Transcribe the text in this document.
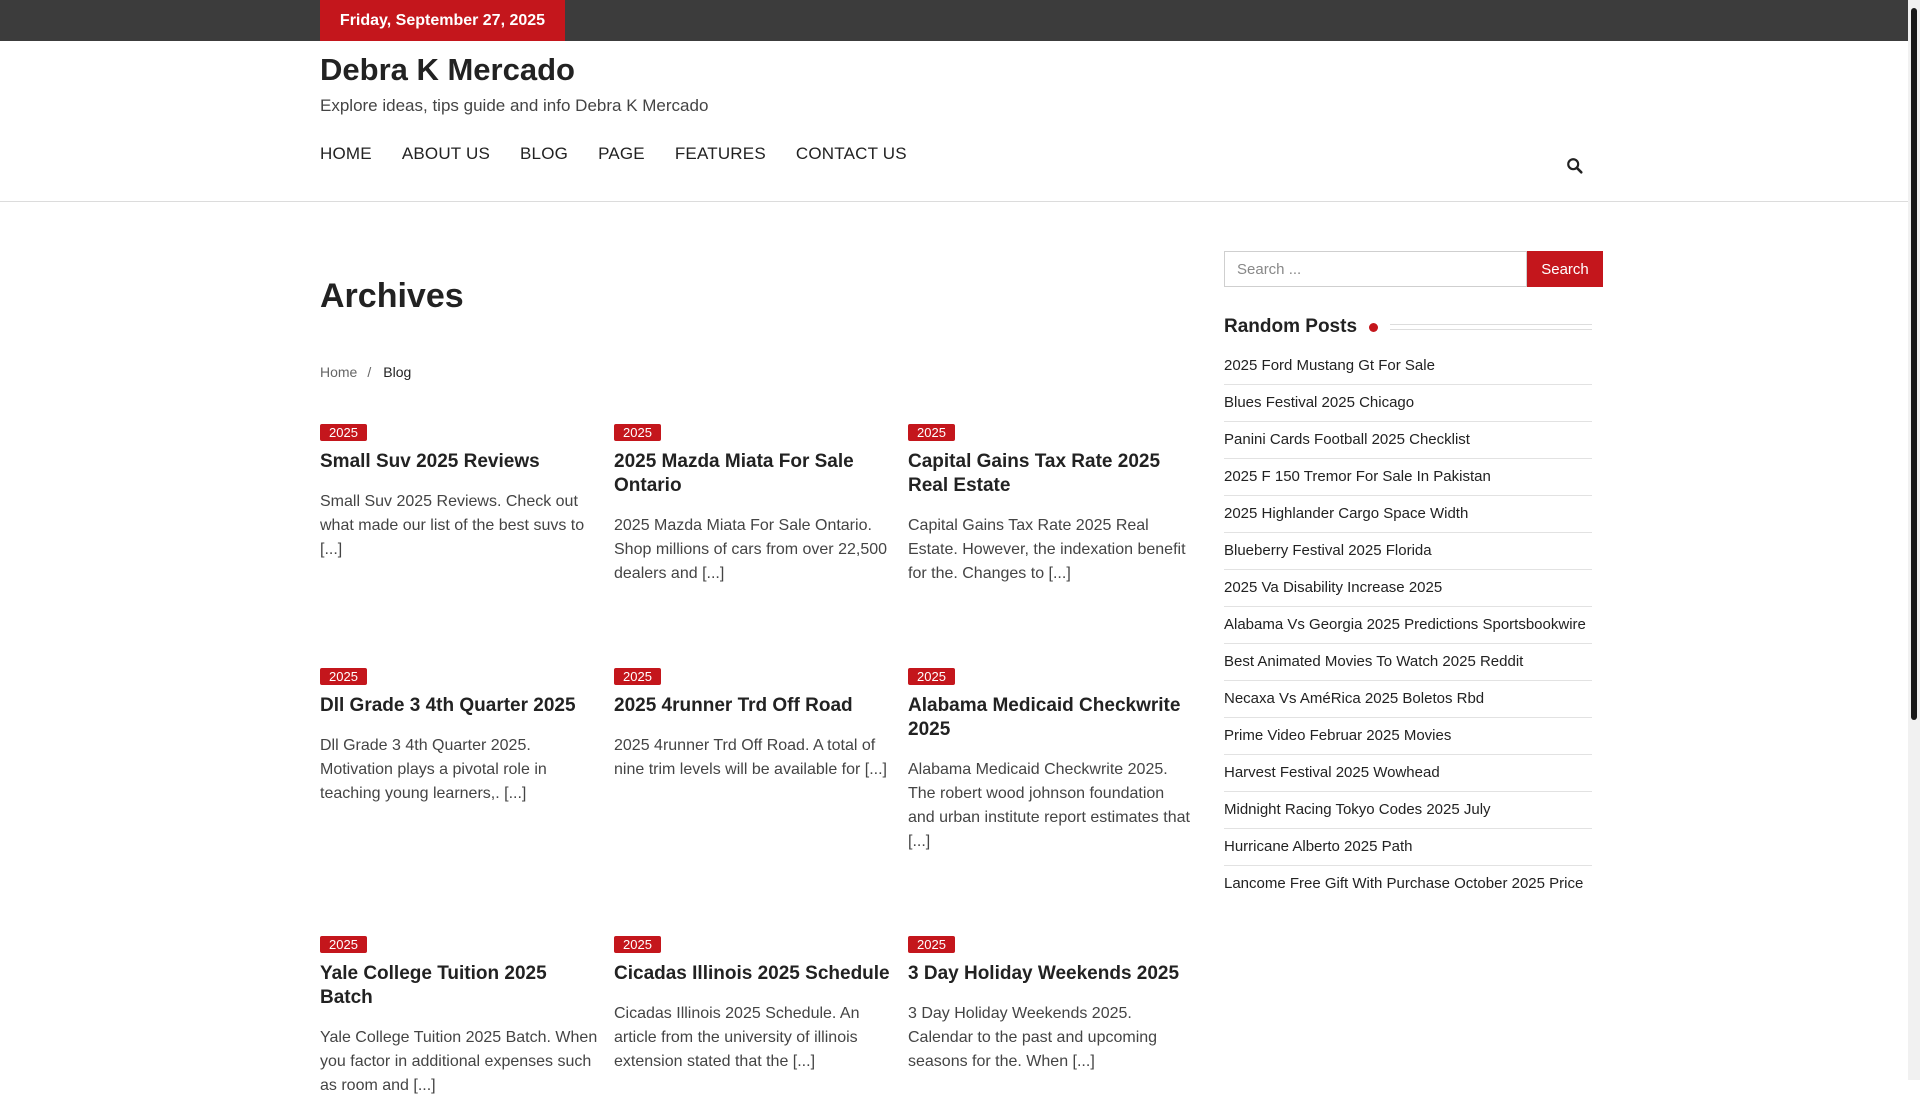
Friday, September 27, 2025
Debra K Mercado
Explore ideas, tips guide and info Debra K Mercado
HOME ABOUT US BLOG PAGE FEATURES CONTACT US
Archives
Home / Blog
2025
Small Suv 2025 Reviews
Small Suv 2025 Reviews. Check out what made our list of the best suvs to [...]
2025
2025 Mazda Miata For Sale Ontario
2025 Mazda Miata For Sale Ontario. Shop millions of cars from over 22,500 dealers and [...]
2025
Capital Gains Tax Rate 2025 Real Estate
Capital Gains Tax Rate 2025 Real Estate. However, the indexation benefit for the. Changes to [...]
2025
Dll Grade 3 4th Quarter 2025
Dll Grade 3 4th Quarter 2025. Motivation plays a pivotal role in teaching young learners,. [...]
2025
2025 4runner Trd Off Road
2025 4runner Trd Off Road. A total of nine trim levels will be available for [...]
2025
Alabama Medicaid Checkwrite 2025
Alabama Medicaid Checkwrite 2025. The robert wood johnson foundation and urban institute report estimates that [...]
2025
Yale College Tuition 2025 Batch
Yale College Tuition 2025 Batch. When you factor in additional expenses such as room and [...]
2025
Cicadas Illinois 2025 Schedule
Cicadas Illinois 2025 Schedule. An article from the university of illinois extension stated that the [...]
2025
3 Day Holiday Weekends 2025
3 Day Holiday Weekends 2025. Calendar to the past and upcoming seasons for the. When [...]
Search ...
Search
Random Posts
2025 Ford Mustang Gt For Sale
Blues Festival 2025 Chicago
Panini Cards Football 2025 Checklist
2025 F 150 Tremor For Sale In Pakistan
2025 Highlander Cargo Space Width
Blueberry Festival 2025 Florida
2025 Va Disability Increase 2025
Alabama Vs Georgia 2025 Predictions Sportsbookwire
Best Animated Movies To Watch 2025 Reddit
Necaxa Vs AméRica 2025 Boletos Rbd
Prime Video Februar 2025 Movies
Harvest Festival 2025 Wowhead
Midnight Racing Tokyo Codes 2025 July
Hurricane Alberto 2025 Path
Lancome Free Gift With Purchase October 2025 Price
